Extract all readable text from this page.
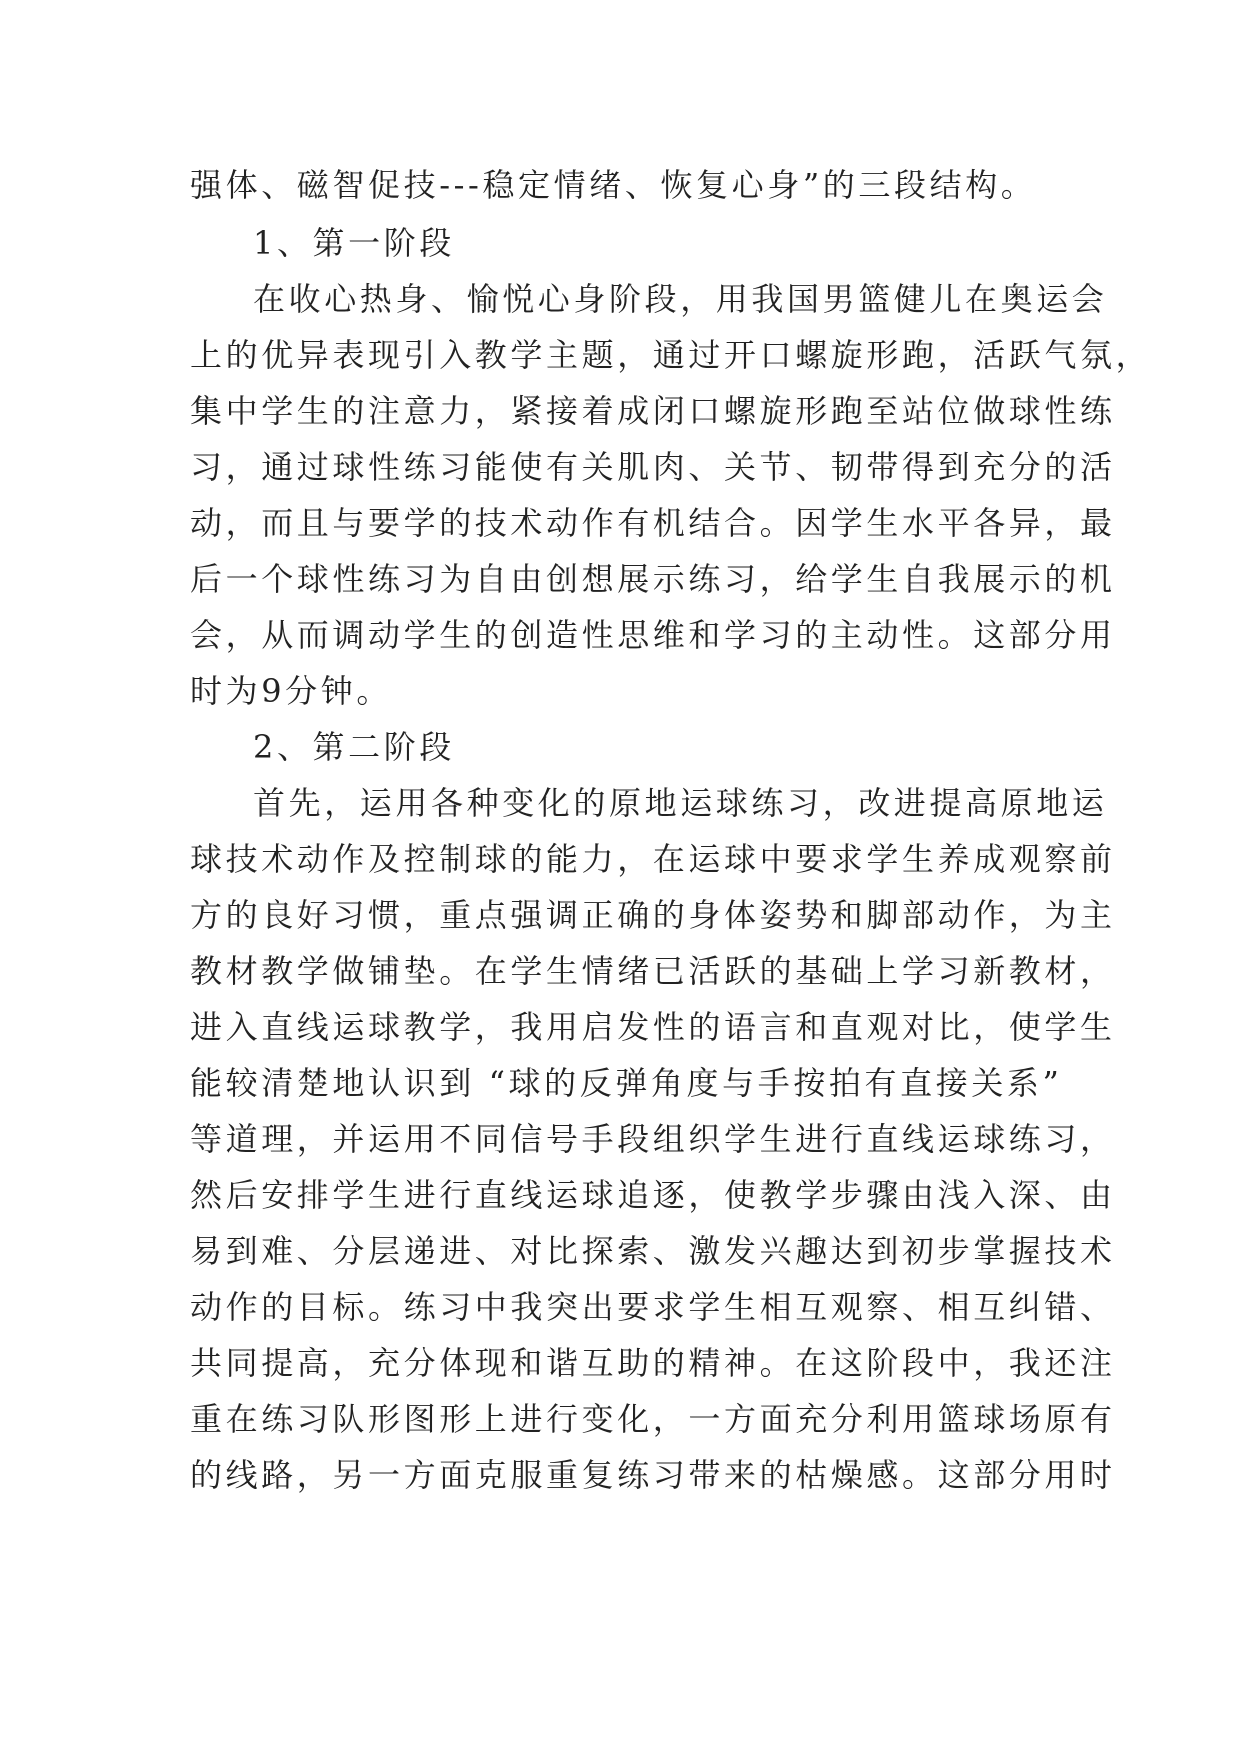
强体、磁智促技---稳定情绪、恢复心身”的三段结构。
1、第一阶段
在收心热身、愉悦心身阶段，用我国男篮健儿在奥运会
上的优异表现引入教学主题，通过开口螺旋形跑，活跃气氛，
集中学生的注意力，紧接着成闭口螺旋形跑至站位做球性练
习，通过球性练习能使有关肌肉、关节、韧带得到充分的活
动，而且与要学的技术动作有机结合。因学生水平各异，最
后一个球性练习为自由创想展示练习，给学生自我展示的机
会，从而调动学生的创造性思维和学习的主动性。这部分用
时为9分钟。
2、第二阶段
首先，运用各种变化的原地运球练习，改进提高原地运
球技术动作及控制球的能力，在运球中要求学生养成观察前
方的良好习惯，重点强调正确的身体姿势和脚部动作，为主
教材教学做铺垫。在学生情绪已活跃的基础上学习新教材，
进入直线运球教学，我用启发性的语言和直观对比，使学生
能较清楚地认识到 “球的反弹角度与手按拍有直接关系”
等道理，并运用不同信号手段组织学生进行直线运球练习，
然后安排学生进行直线运球追逐，使教学步骤由浅入深、由
易到难、分层递进、对比探索、激发兴趣达到初步掌握技术
动作的目标。练习中我突出要求学生相互观察、相互纠错、
共同提高，充分体现和谐互助的精神。在这阶段中，我还注
重在练习队形图形上进行变化，一方面充分利用篮球场原有
的线路，另一方面克服重复练习带来的枯燥感。这部分用时
